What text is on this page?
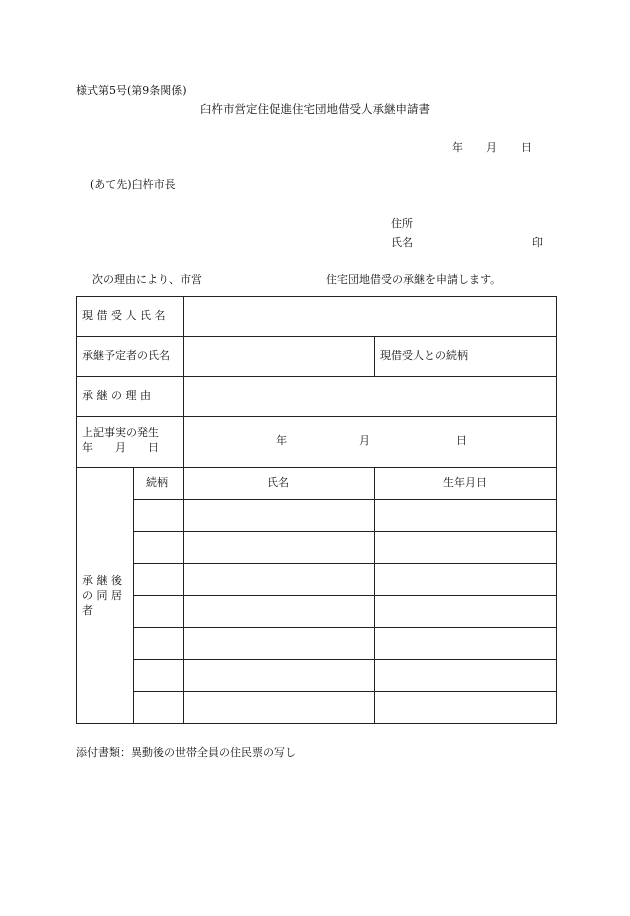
様式第5号(第9条関係)
臼杵市営定住促進住宅団地借受人承継申請書
年 月 日
(あて先)臼杵市長
住所
氏名	印
次の理由により、市営	住宅団地借受の承継を申請します。
現 借 受 人 氏 名
承継予定者の氏名	現借受人との続柄
承 継 の 理 由
上記事実の発生
年　　月　　日
年	月	日
承 継 後
の 同 居
者
続柄	氏名	生年月日
添付書類：異動後の世帯全員の住民票の写し
